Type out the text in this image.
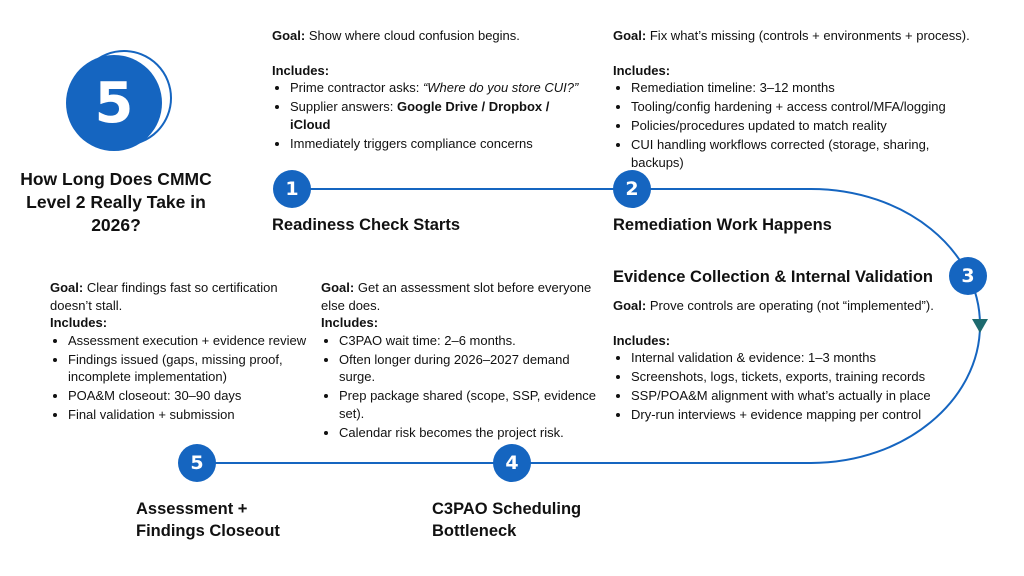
5
How Long Does CMMC Level 2 Really Take in 2026?
Goal: Show where cloud confusion begins.
Includes:
• Prime contractor asks: “Where do you store CUI?”
• Supplier answers: Google Drive / Dropbox / iCloud
• Immediately triggers compliance concerns
1
Readiness Check Starts
Goal: Fix what’s missing (controls + environments + process).
Includes:
• Remediation timeline: 3–12 months
• Tooling/config hardening + access control/MFA/logging
• Policies/procedures updated to match reality
• CUI handling workflows corrected (storage, sharing, backups)
2
Remediation Work Happens
Evidence Collection & Internal Validation	3
Goal: Prove controls are operating (not “implemented”).
Includes:
• Internal validation & evidence: 1–3 months
• Screenshots, logs, tickets, exports, training records
• SSP/POA&M alignment with what’s actually in place
• Dry-run interviews + evidence mapping per control
Goal: Get an assessment slot before everyone else does.
Includes:
• C3PAO wait time: 2–6 months.
• Often longer during 2026–2027 demand surge.
• Prep package shared (scope, SSP, evidence set).
• Calendar risk becomes the project risk.
4
C3PAO Scheduling Bottleneck
Goal: Clear findings fast so certification doesn’t stall.
Includes:
• Assessment execution + evidence review
• Findings issued (gaps, missing proof, incomplete implementation)
• POA&M closeout: 30–90 days
• Final validation + submission
5
Assessment + Findings Closeout
